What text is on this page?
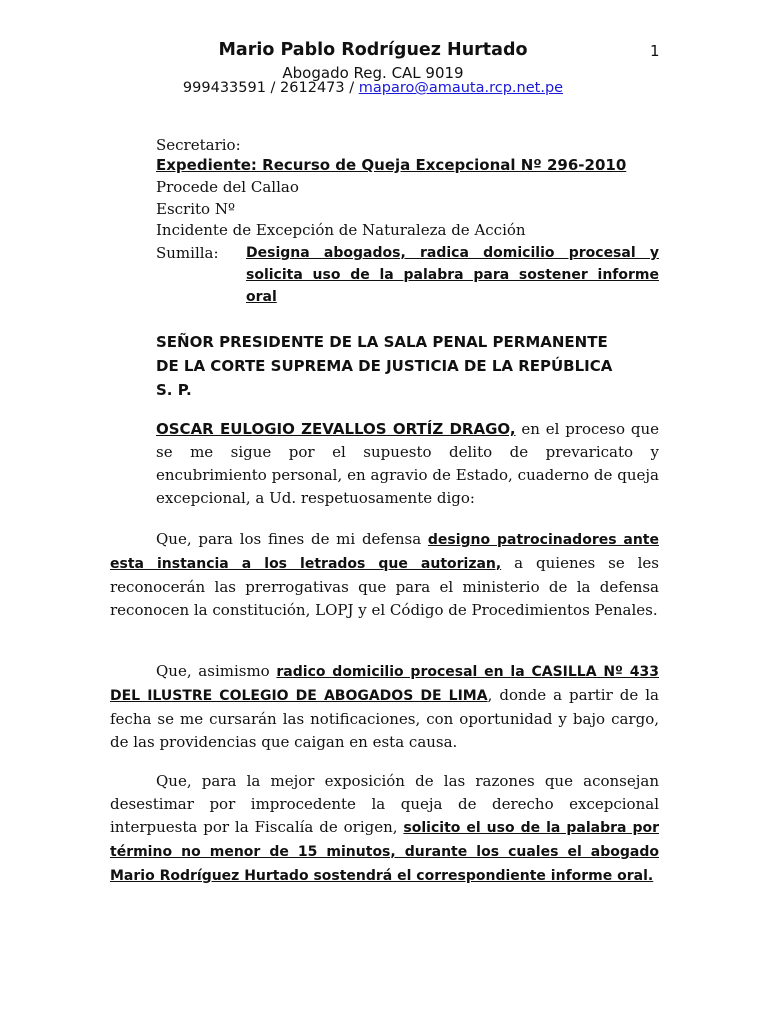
1
Mario Pablo Rodríguez Hurtado
Abogado Reg. CAL 9019
999433591 / 2612473 / maparo@amauta.rcp.net.pe
Secretario:
Expediente: Recurso de Queja Excepcional Nº 296-2010
Procede del Callao
Escrito Nº
Incidente de Excepción de Naturaleza de Acción
Sumilla: Designa abogados, radica domicilio procesal y solicita uso de la palabra para sostener informe oral
SEÑOR PRESIDENTE DE LA SALA PENAL PERMANENTE
DE LA CORTE SUPREMA DE JUSTICIA DE LA REPÚBLICA
S. P.
OSCAR EULOGIO ZEVALLOS ORTÍZ DRAGO, en el proceso que se me sigue por el supuesto delito de prevaricato y encubrimiento personal, en agravio de Estado, cuaderno de queja excepcional, a Ud. respetuosamente digo:
Que, para los fines de mi defensa designo patrocinadores ante esta instancia a los letrados que autorizan, a quienes se les reconocerán las prerrogativas que para el ministerio de la defensa reconocen la constitución, LOPJ y el Código de Procedimientos Penales.
Que, asimismo radico domicilio procesal en la CASILLA Nº 433 DEL ILUSTRE COLEGIO DE ABOGADOS DE LIMA, donde a partir de la fecha se me cursarán las notificaciones, con oportunidad y bajo cargo, de las providencias que caigan en esta causa.
Que, para la mejor exposición de las razones que aconsejan desestimar por improcedente la queja de derecho excepcional interpuesta por la Fiscalía de origen, solicito el uso de la palabra por término no menor de 15 minutos, durante los cuales el abogado Mario Rodríguez Hurtado sostendrá el correspondiente informe oral.
